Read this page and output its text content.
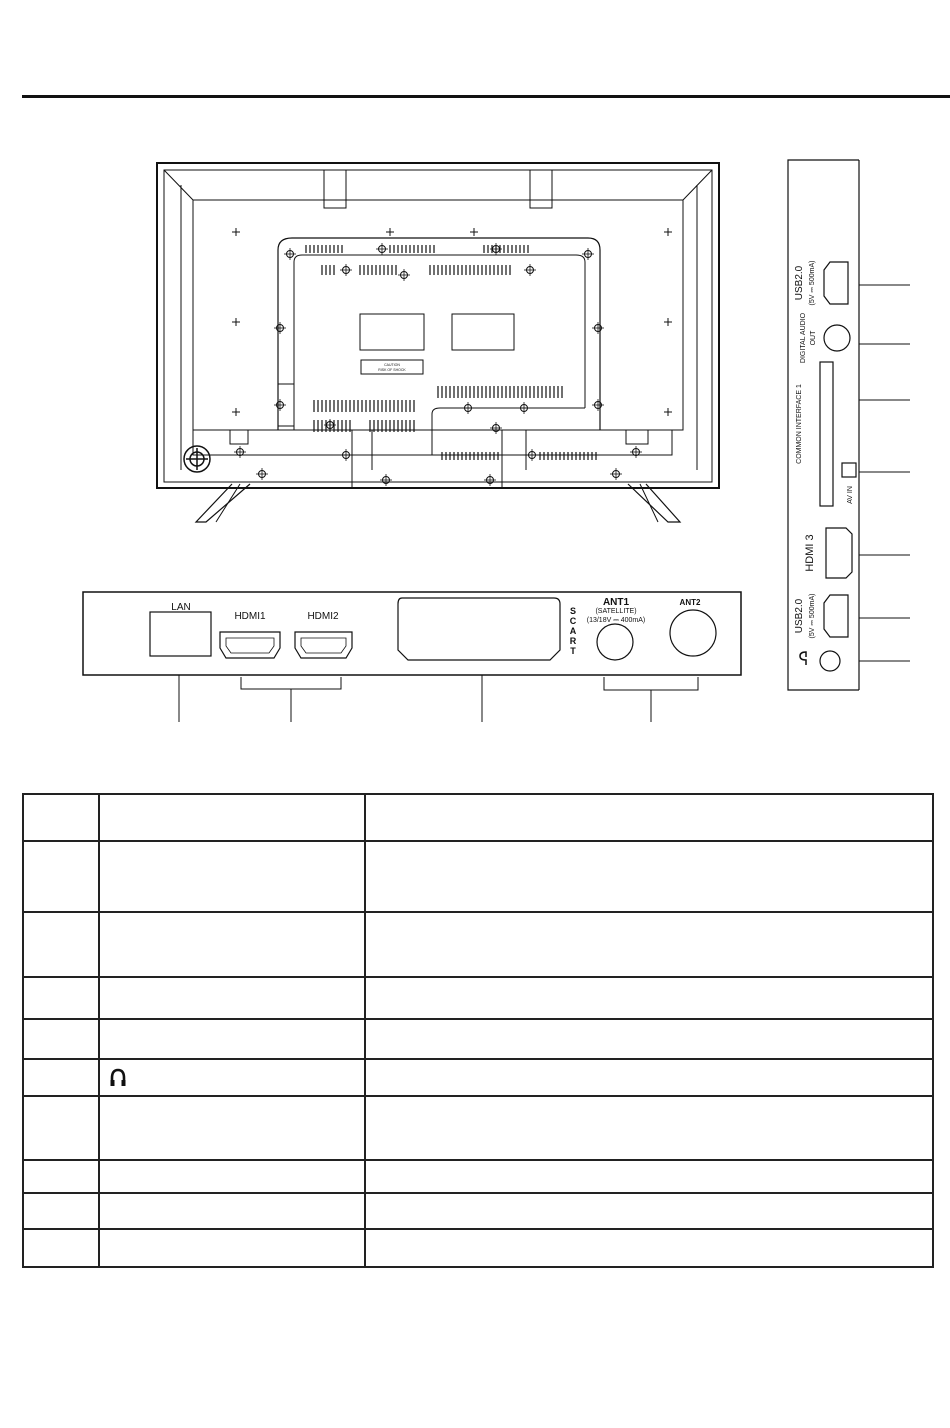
CAUTION
RISK OF SHOCK
USB2.0 (5V ⎓ 500mA)
DIGITAL AUDIO OUT
COMMON INTERFACE 1
AV IN
HDMI 3
USB2.0 (5V ⎓ 500mA)
LAN
HDMI1	HDMI2	S
C
A
R
T
ANT1
(SATELLITE)
(13/18V ⎓ 400mA)
ANT2
